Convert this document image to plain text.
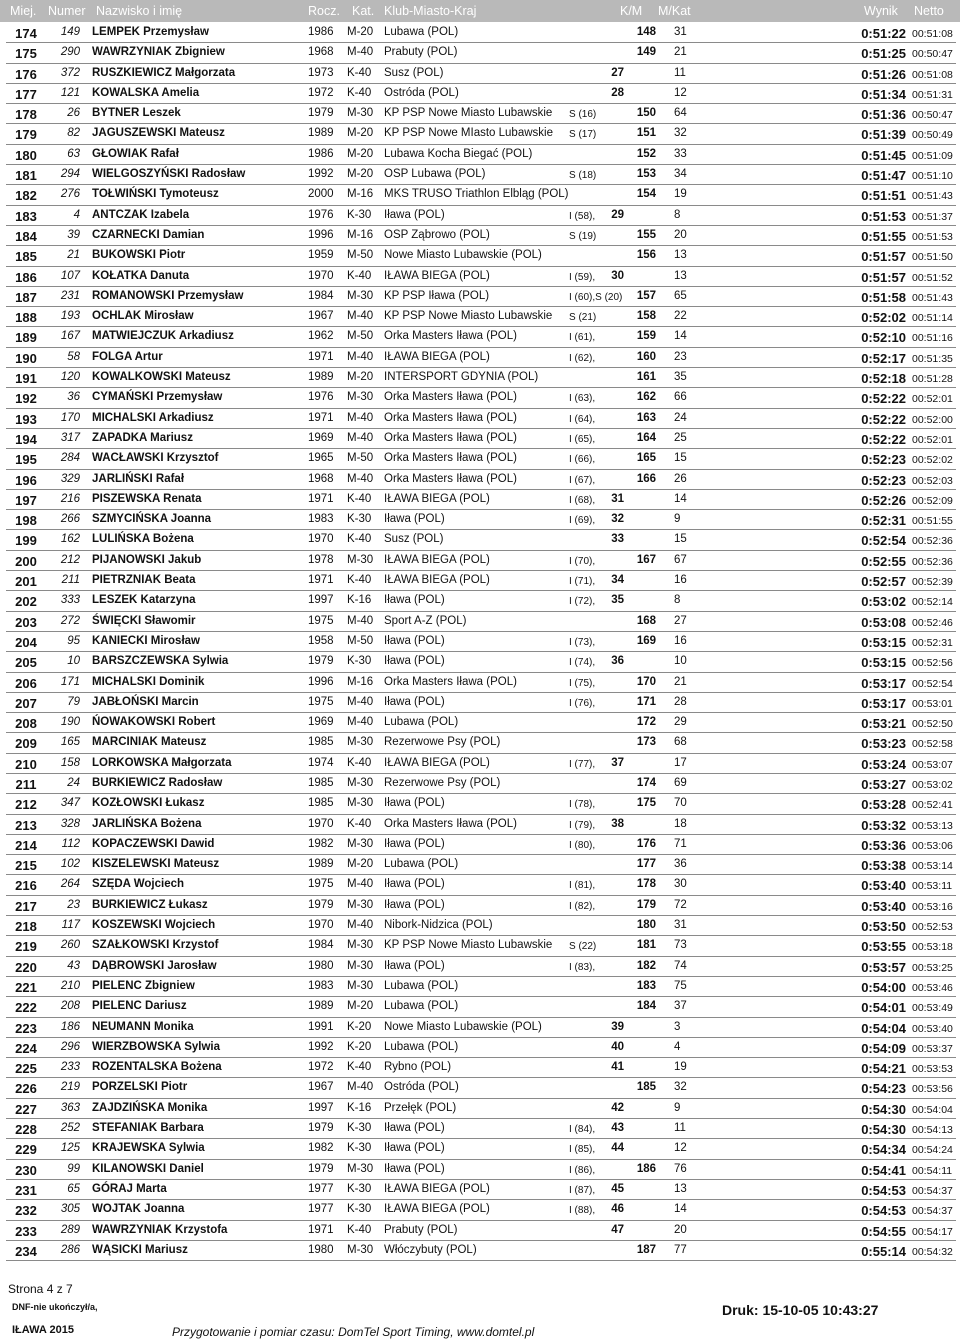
Miej. Numer Nazwisko i imię	Rocz. Kat. Klub-Miasto-Kraj	K/M M/Kat	Wynik Netto
174	149 LEMPEK Przemysław	1986 M-20 Lubawa (POL)	148 31	0:51:22 00:51:08
175	290 WAWRZYNIAK Zbigniew	1968 M-40 Prabuty (POL)	149 21	0:51:25 00:50:47
176	372 RUSZKIEWICZ Małgorzata	1973 K-40 Susz (POL)	27	11	0:51:26 00:51:08
177	121 KOWALSKA Amelia	1972 K-40 Ostróda (POL)	28	12	0:51:34 00:51:31
178	26 BYTNER Leszek	1979 M-30 KP PSP Nowe Miasto Lubawskie	S (16)	150 64	0:51:36 00:50:47
179	82 JAGUSZEWSKI Mateusz	1989 M-20 KP PSP Nowe MIasto Lubawskie	S (17)	151 32	0:51:39 00:50:49
180	63 GŁOWIAK Rafał	1986 M-20 Lubawa Kocha Biegać (POL)	152 33	0:51:45 00:51:09
181	294 WIELGOSZYŃSKI Radosław	1992 M-20 OSP Lubawa (POL)	S (18)	153 34	0:51:47 00:51:10
182	276 TOŁWIŃSKI Tymoteusz	2000 M-16 MKS TRUSO Triathlon Elbląg (POL)	154 19	0:51:51 00:51:43
183	4 ANTCZAK Izabela	1976 K-30 Iława (POL)	I (58),	29	8	0:51:53 00:51:37
184	39 CZARNECKI Damian	1996 M-16 OSP Ząbrowo (POL)	S (19)	155 20	0:51:55 00:51:53
185	21 BUKOWSKI Piotr	1959 M-50 Nowe Miasto Lubawskie (POL)	156 13	0:51:57 00:51:50
186	107 KOŁATKA Danuta	1970 K-40 IŁAWA BIEGA (POL)	I (59),	30	13	0:51:57 00:51:52
187	231 ROMANOWSKI Przemysław	1984 M-30 KP PSP Iława (POL)	I (60),S (20) 157 65	0:51:58 00:51:43
188	193 OCHLAK Mirosław	1967 M-40 KP PSP Nowe Miasto Lubawskie	S (21)	158 22	0:52:02 00:51:14
189	167 MATWIEJCZUK Arkadiusz	1962 M-50 Orka Masters Iława (POL)	I (61),	159 14	0:52:10 00:51:16
190	58 FOLGA Artur	1971 M-40 IŁAWA BIEGA (POL)	I (62),	160 23	0:52:17 00:51:35
191	120 KOWALKOWSKI Mateusz	1989 M-20 INTERSPORT GDYNIA (POL)	161 35	0:52:18 00:51:28
192	36 CYMAŃSKI Przemysław	1976 M-30 Orka Masters Iława (POL)	I (63),	162 66	0:52:22 00:52:01
193	170 MICHALSKI Arkadiusz	1971 M-40 Orka Masters Iława (POL)	I (64),	163 24	0:52:22 00:52:00
194	317 ZAPADKA Mariusz	1969 M-40 Orka Masters Iława (POL)	I (65),	164 25	0:52:22 00:52:01
195	284 WACŁAWSKI Krzysztof	1965 M-50 Orka Masters Iława (POL)	I (66),	165 15	0:52:23 00:52:02
196	329 JARLIŃSKI Rafał	1968 M-40 Orka Masters Iława (POL)	I (67),	166 26	0:52:23 00:52:03
197	216 PISZEWSKA Renata	1971 K-40 IŁAWA BIEGA (POL)	I (68),	31	14	0:52:26 00:52:09
198	266 SZMYCIŃSKA Joanna	1983 K-30 Iława (POL)	I (69),	32	9	0:52:31 00:51:55
199	162 LULIŃSKA Bożena	1970 K-40 Susz (POL)	33	15	0:52:54 00:52:36
200	212 PIJANOWSKI Jakub	1978 M-30 IŁAWA BIEGA (POL)	I (70),	167 67	0:52:55 00:52:36
201	211 PIETRZNIAK Beata	1971 K-40 IŁAWA BIEGA (POL)	I (71),	34	16	0:52:57 00:52:39
202	333 LESZEK Katarzyna	1997 K-16 Iława (POL)	I (72),	35	8	0:53:02 00:52:14
203	272 ŚWIĘCKI Sławomir	1975 M-40 Sport A-Z (POL)	168 27	0:53:08 00:52:46
204	95 KANIECKI Mirosław	1958 M-50 Iława (POL)	I (73),	169 16	0:53:15 00:52:31
205	10 BARSZCZEWSKA Sylwia	1979 K-30 Iława (POL)	I (74),	36	10	0:53:15 00:52:56
206	171 MICHALSKI Dominik	1996 M-16 Orka Masters Iława (POL)	I (75),	170 21	0:53:17 00:52:54
207	79 JABŁOŃSKI Marcin	1975 M-40 Iława (POL)	I (76),	171 28	0:53:17 00:53:01
208	190 ŃOWAKOWSKI Robert	1969 M-40 Lubawa (POL)	172 29	0:53:21 00:52:50
209	165 MARCINIAK Mateusz	1985 M-30 Rezerwowe Psy (POL)	173 68	0:53:23 00:52:58
210	158 LORKOWSKA Małgorzata	1974 K-40 IŁAWA BIEGA (POL)	I (77),	37	17	0:53:24 00:53:07
211	24 BURKIEWICZ Radosław	1985 M-30 Rezerwowe Psy (POL)	174 69	0:53:27 00:53:02
212	347 KOZŁOWSKI Łukasz	1985 M-30 Iława (POL)	I (78),	175 70	0:53:28 00:52:41
213	328 JARLIŃSKA Bożena	1970 K-40 Orka Masters Iława (POL)	I (79),	38	18	0:53:32 00:53:13
214	112 KOPACZEWSKI Dawid	1982 M-30 Iława (POL)	I (80),	176 71	0:53:36 00:53:06
215	102 KISZELEWSKI Mateusz	1989 M-20 Lubawa (POL)	177 36	0:53:38 00:53:14
216	264 SZĘDA Wojciech	1975 M-40 Iława (POL)	I (81),	178 30	0:53:40 00:53:11
217	23 BURKIEWICZ Łukasz	1979 M-30 Iława (POL)	I (82),	179 72	0:53:40 00:53:16
218	117 KOSZEWSKI Wojciech	1970 M-40 Nibork-Nidzica (POL)	180 31	0:53:50 00:52:53
219	260 SZAŁKOWSKI Krzystof	1984 M-30 KP PSP Nowe Miasto Lubawskie	S (22)	181 73	0:53:55 00:53:18
220	43 DĄBROWSKI Jarosław	1980 M-30 Iława (POL)	I (83),	182 74	0:53:57 00:53:25
221	210 PIELENC Zbigniew	1983 M-30 Lubawa (POL)	183 75	0:54:00 00:53:46
222	208 PIELENC Dariusz	1989 M-20 Lubawa (POL)	184 37	0:54:01 00:53:49
223	186 NEUMANN Monika	1991 K-20 Nowe Miasto Lubawskie (POL)	39	3	0:54:04 00:53:40
224	296 WIERZBOWSKA Sylwia	1992 K-20 Lubawa (POL)	40	4	0:54:09 00:53:37
225	233 ROZENTALSKA Bożena	1972 K-40 Rybno (POL)	41	19	0:54:21 00:53:53
226	219 PORZELSKI Piotr	1967 M-40 Ostróda (POL)	185 32	0:54:23 00:53:56
227	363 ZAJDZIŃSKA Monika	1997 K-16 Przełęk (POL)	42	9	0:54:30 00:54:04
228	252 STEFANIAK Barbara	1979 K-30 Iława (POL)	I (84),	43	11	0:54:30 00:54:13
229	125 KRAJEWSKA Sylwia	1982 K-30 Iława (POL)	I (85),	44	12	0:54:34 00:54:24
230	99 KILANOWSKI Daniel	1979 M-30 Iława (POL)	I (86),	186 76	0:54:41 00:54:11
231	65 GÓRAJ Marta	1977 K-30 IŁAWA BIEGA (POL)	I (87),	45	13	0:54:53 00:54:37
232	305 WOJTAK Joanna	1977 K-30 IŁAWA BIEGA (POL)	I (88),	46	14	0:54:53 00:54:37
233	289 WAWRZYNIAK Krzystofa	1971 K-40 Prabuty (POL)	47	20	0:54:55 00:54:17
234	286 WĄSICKI Mariusz	1980 M-30 Włóczybuty (POL)	187 77	0:55:14 00:54:32
Strona 4 z 7
DNF-nie ukończył/a,	Druk: 15-10-05 10:43:27
IŁAWA 2015	Przygotowanie i pomiar czasu: DomTel Sport Timing, www.domtel.pl
